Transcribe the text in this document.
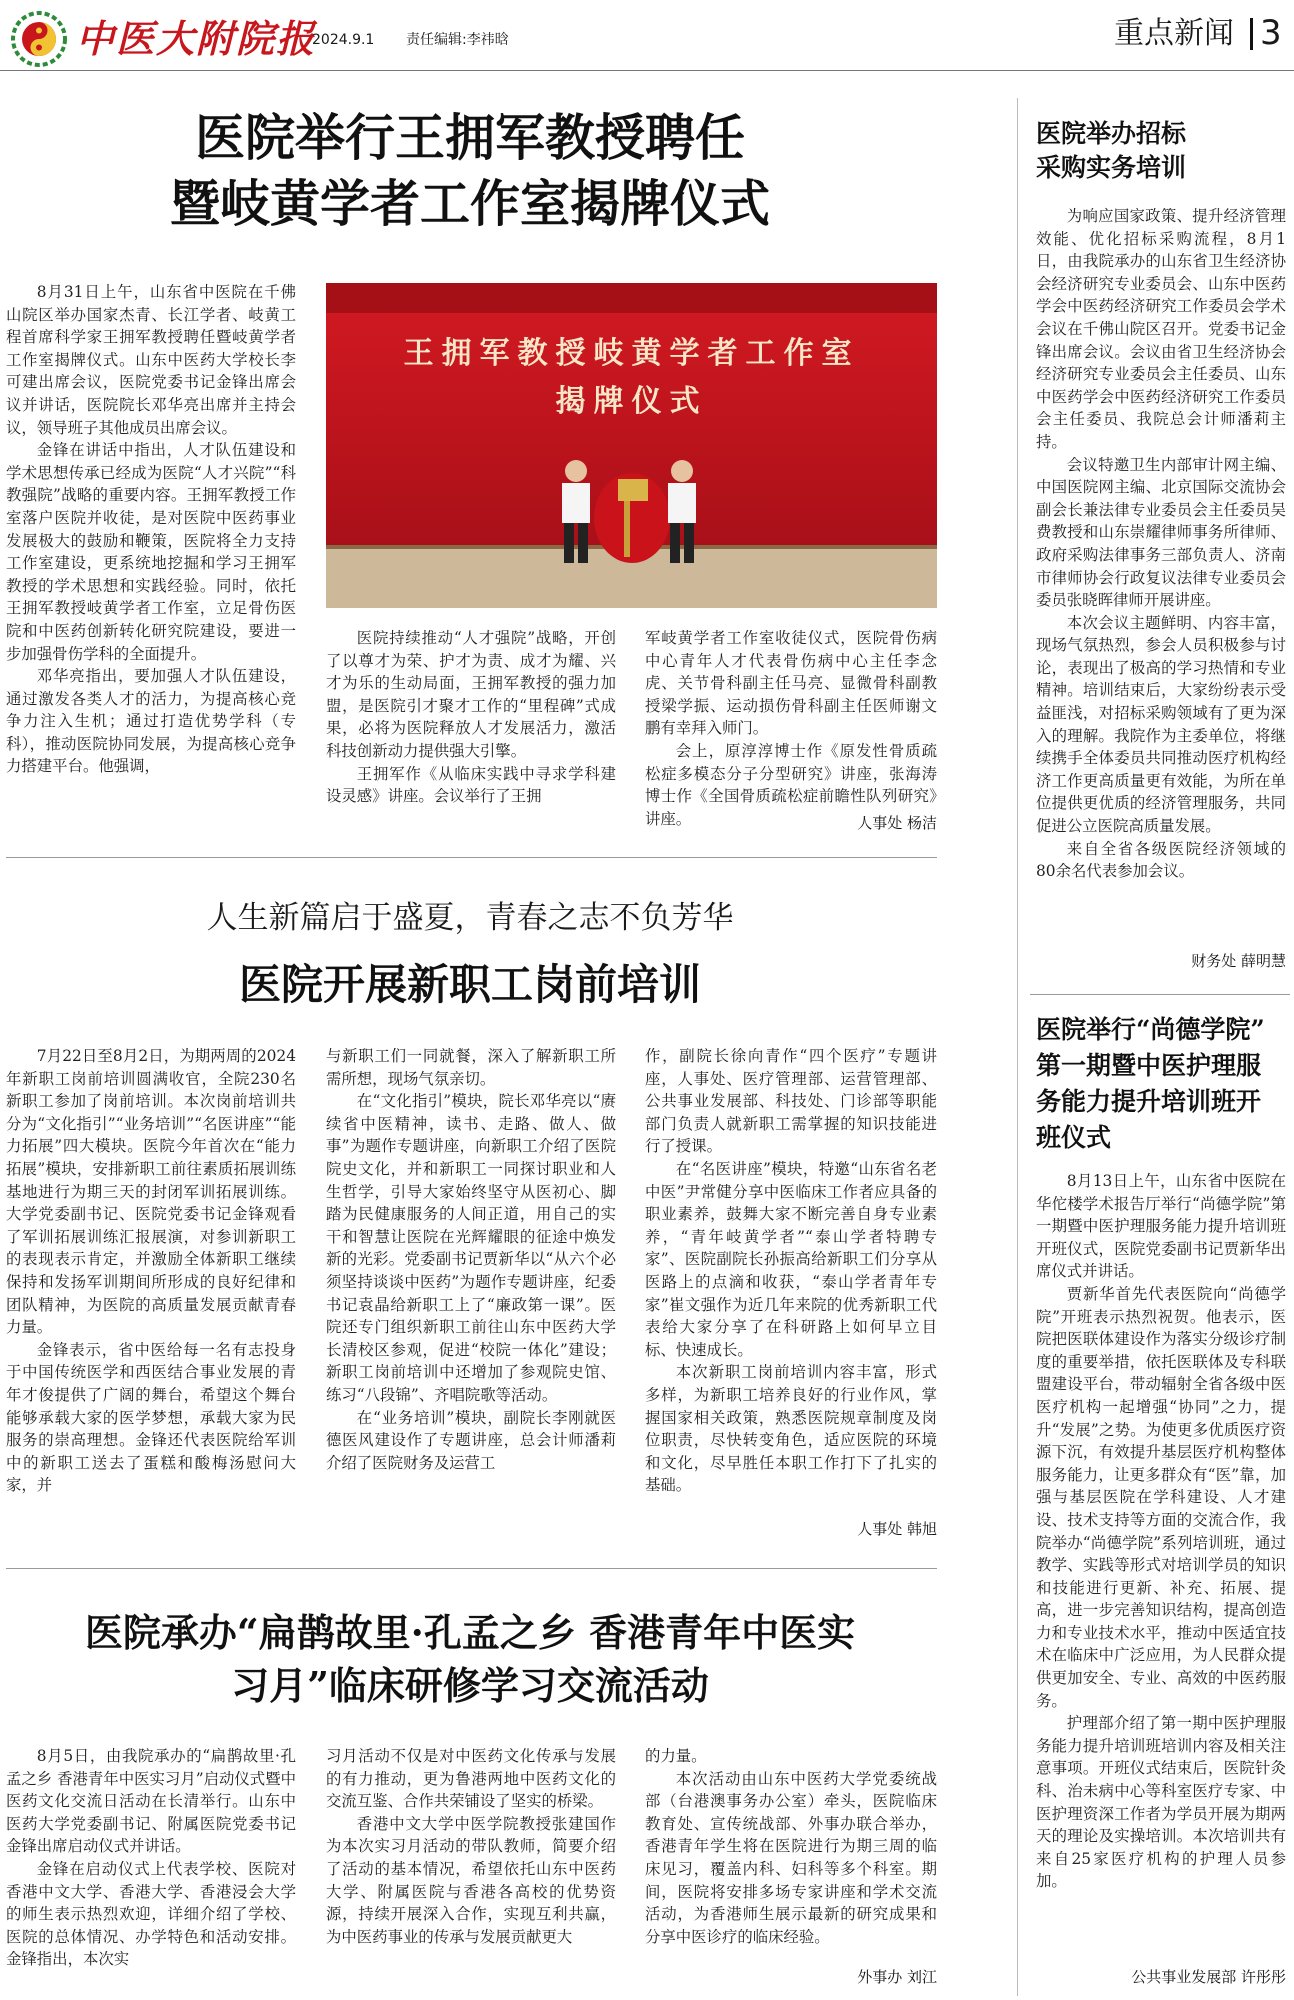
中医大附院报
2024.9.1 责任编辑:李祎晗	重点新闻 3
医院举行王拥军教授聘任
暨岐黄学者工作室揭牌仪式

8月31日上午，山东省中医院在千佛山院区举办国家杰青、长江学者、岐黄工程首席科学家王拥军教授聘任暨岐黄学者工作室揭牌仪式。山东中医药大学校长李可建出席会议，医院党委书记金锋出席会议并讲话，医院院长邓华亮出席并主持会议，领导班子其他成员出席会议。

金锋在讲话中指出，人才队伍建设和学术思想传承已经成为医院“人才兴院”“科教强院”战略的重要内容。王拥军教授工作室落户医院并收徒，是对医院中医药事业发展极大的鼓励和鞭策，医院将全力支持工作室建设，更系统地挖掘和学习王拥军教授的学术思想和实践经验。同时，依托王拥军教授岐黄学者工作室，立足骨伤医院和中医药创新转化研究院建设，要进一步加强骨伤学科的全面提升。

邓华亮指出，要加强人才队伍建设，通过激发各类人才的活力，为提高核心竞争力注入生机；通过打造优势学科（专科），推动医院协同发展，为提高核心竞争力搭建平台。他强调，

王拥军教授岐黄学者工作室
揭牌仪式

医院持续推动“人才强院”战略，开创了以尊才为荣、护才为责、成才为耀、兴才为乐的生动局面，王拥军教授的强力加盟，是医院引才聚才工作的“里程碑”式成果，必将为医院释放人才发展活力，激活科技创新动力提供强大引擎。

王拥军作《从临床实践中寻求学科建设灵感》讲座。会议举行了王拥

军岐黄学者工作室收徒仪式，医院骨伤病中心青年人才代表骨伤病中心主任李念虎、关节骨科副主任马亮、显微骨科副教授梁学振、运动损伤骨科副主任医师谢文鹏有幸拜入师门。

会上，原淳淳博士作《原发性骨质疏松症多模态分子分型研究》讲座，张海涛博士作《全国骨质疏松症前瞻性队列研究》讲座。	人事处 杨洁
人生新篇启于盛夏，青春之志不负芳华
医院开展新职工岗前培训

7月22日至8月2日，为期两周的2024年新职工岗前培训圆满收官，全院230名新职工参加了岗前培训。本次岗前培训共分为“文化指引”“业务培训”“名医讲座”“能力拓展”四大模块。医院今年首次在“能力拓展”模块，安排新职工前往素质拓展训练基地进行为期三天的封闭军训拓展训练。大学党委副书记、医院党委书记金锋观看了军训拓展训练汇报展演，对参训新职工的表现表示肯定，并激励全体新职工继续保持和发扬军训期间所形成的良好纪律和团队精神，为医院的高质量发展贡献青春力量。

金锋表示，省中医给每一名有志投身于中国传统医学和西医结合事业发展的青年才俊提供了广阔的舞台，希望这个舞台能够承载大家的医学梦想，承载大家为民服务的崇高理想。金锋还代表医院给军训中的新职工送去了蛋糕和酸梅汤慰问大家，并

与新职工们一同就餐，深入了解新职工所需所想，现场气氛亲切。

在“文化指引”模块，院长邓华亮以“赓续省中医精神，读书、走路、做人、做事”为题作专题讲座，向新职工介绍了医院院史文化，并和新职工一同探讨职业和人生哲学，引导大家始终坚守从医初心、脚踏为民健康服务的人间正道，用自己的实干和智慧让医院在光辉耀眼的征途中焕发新的光彩。党委副书记贾新华以“从六个必须坚持谈谈中医药”为题作专题讲座，纪委书记袁晶给新职工上了“廉政第一课”。医院还专门组织新职工前往山东中医药大学长清校区参观，促进“校院一体化”建设；新职工岗前培训中还增加了参观院史馆、练习“八段锦”、齐唱院歌等活动。

在“业务培训”模块，副院长李刚就医德医风建设作了专题讲座，总会计师潘莉介绍了医院财务及运营工

作，副院长徐向青作“四个医疗”专题讲座，人事处、医疗管理部、运营管理部、公共事业发展部、科技处、门诊部等职能部门负责人就新职工需掌握的知识技能进行了授课。

在“名医讲座”模块，特邀“山东省名老中医”尹常健分享中医临床工作者应具备的职业素养，鼓舞大家不断完善自身专业素养，“青年岐黄学者”“泰山学者特聘专家”、医院副院长孙振高给新职工们分享从医路上的点滴和收获，“泰山学者青年专家”崔文强作为近几年来院的优秀新职工代表给大家分享了在科研路上如何早立目标、快速成长。

本次新职工岗前培训内容丰富，形式多样，为新职工培养良好的行业作风，掌握国家相关政策，熟悉医院规章制度及岗位职责，尽快转变角色，适应医院的环境和文化，尽早胜任本职工作打下了扎实的基础。

人事处 韩旭
医院承办“扁鹊故里·孔孟之乡 香港青年中医实
习月”临床研修学习交流活动

8月5日，由我院承办的“扁鹊故里·孔孟之乡 香港青年中医实习月”启动仪式暨中医药文化交流日活动在长清举行。山东中医药大学党委副书记、附属医院党委书记金锋出席启动仪式并讲话。

金锋在启动仪式上代表学校、医院对香港中文大学、香港大学、香港浸会大学的师生表示热烈欢迎，详细介绍了学校、医院的总体情况、办学特色和活动安排。金锋指出，本次实

习月活动不仅是对中医药文化传承与发展的有力推动，更为鲁港两地中医药文化的交流互鉴、合作共荣铺设了坚实的桥梁。

香港中文大学中医学院教授张建国作为本次实习月活动的带队教师，简要介绍了活动的基本情况，希望依托山东中医药大学、附属医院与香港各高校的优势资源，持续开展深入合作，实现互利共赢，为中医药事业的传承与发展贡献更大

的力量。

本次活动由山东中医药大学党委统战部（台港澳事务办公室）牵头，医院临床教育处、宣传统战部、外事办联合举办，香港青年学生将在医院进行为期三周的临床见习，覆盖内科、妇科等多个科室。期间，医院将安排多场专家讲座和学术交流活动，为香港师生展示最新的研究成果和分享中医诊疗的临床经验。

外事办 刘江
医院举办招标
采购实务培训

为响应国家政策、提升经济管理效能、优化招标采购流程，8月1日，由我院承办的山东省卫生经济协会经济研究专业委员会、山东中医药学会中医药经济研究工作委员会学术会议在千佛山院区召开。党委书记金锋出席会议。会议由省卫生经济协会经济研究专业委员会主任委员、山东中医药学会中医药经济研究工作委员会主任委员、我院总会计师潘莉主持。

会议特邀卫生内部审计网主编、中国医院网主编、北京国际交流协会副会长兼法律专业委员会主任委员吴费教授和山东崇耀律师事务所律师、政府采购法律事务三部负责人、济南市律师协会行政复议法律专业委员会委员张晓晖律师开展讲座。

本次会议主题鲜明、内容丰富，现场气氛热烈，参会人员积极参与讨论，表现出了极高的学习热情和专业精神。培训结束后，大家纷纷表示受益匪浅，对招标采购领域有了更为深入的理解。我院作为主委单位，将继续携手全体委员共同推动医疗机构经济工作更高质量更有效能，为所在单位提供更优质的经济管理服务，共同促进公立医院高质量发展。

来自全省各级医院经济领域的80余名代表参加会议。

财务处 薛明慧
医院举行“尚德学院”
第一期暨中医护理服
务能力提升培训班开
班仪式

8月13日上午，山东省中医院在华佗楼学术报告厅举行“尚德学院”第一期暨中医护理服务能力提升培训班开班仪式，医院党委副书记贾新华出席仪式并讲话。

贾新华首先代表医院向“尚德学院”开班表示热烈祝贺。他表示，医院把医联体建设作为落实分级诊疗制度的重要举措，依托医联体及专科联盟建设平台，带动辐射全省各级中医医疗机构一起增强“协同”之力，提升“发展”之势。为使更多优质医疗资源下沉，有效提升基层医疗机构整体服务能力，让更多群众有“医”靠，加强与基层医院在学科建设、人才建设、技术支持等方面的交流合作，我院举办“尚德学院”系列培训班，通过教学、实践等形式对培训学员的知识和技能进行更新、补充、拓展、提高，进一步完善知识结构，提高创造力和专业技术水平，推动中医适宜技术在临床中广泛应用，为人民群众提供更加安全、专业、高效的中医药服务。

护理部介绍了第一期中医护理服务能力提升培训班培训内容及相关注意事项。开班仪式结束后，医院针灸科、治未病中心等科室医疗专家、中医护理资深工作者为学员开展为期两天的理论及实操培训。本次培训共有来自25家医疗机构的护理人员参加。

公共事业发展部 许彤彤
